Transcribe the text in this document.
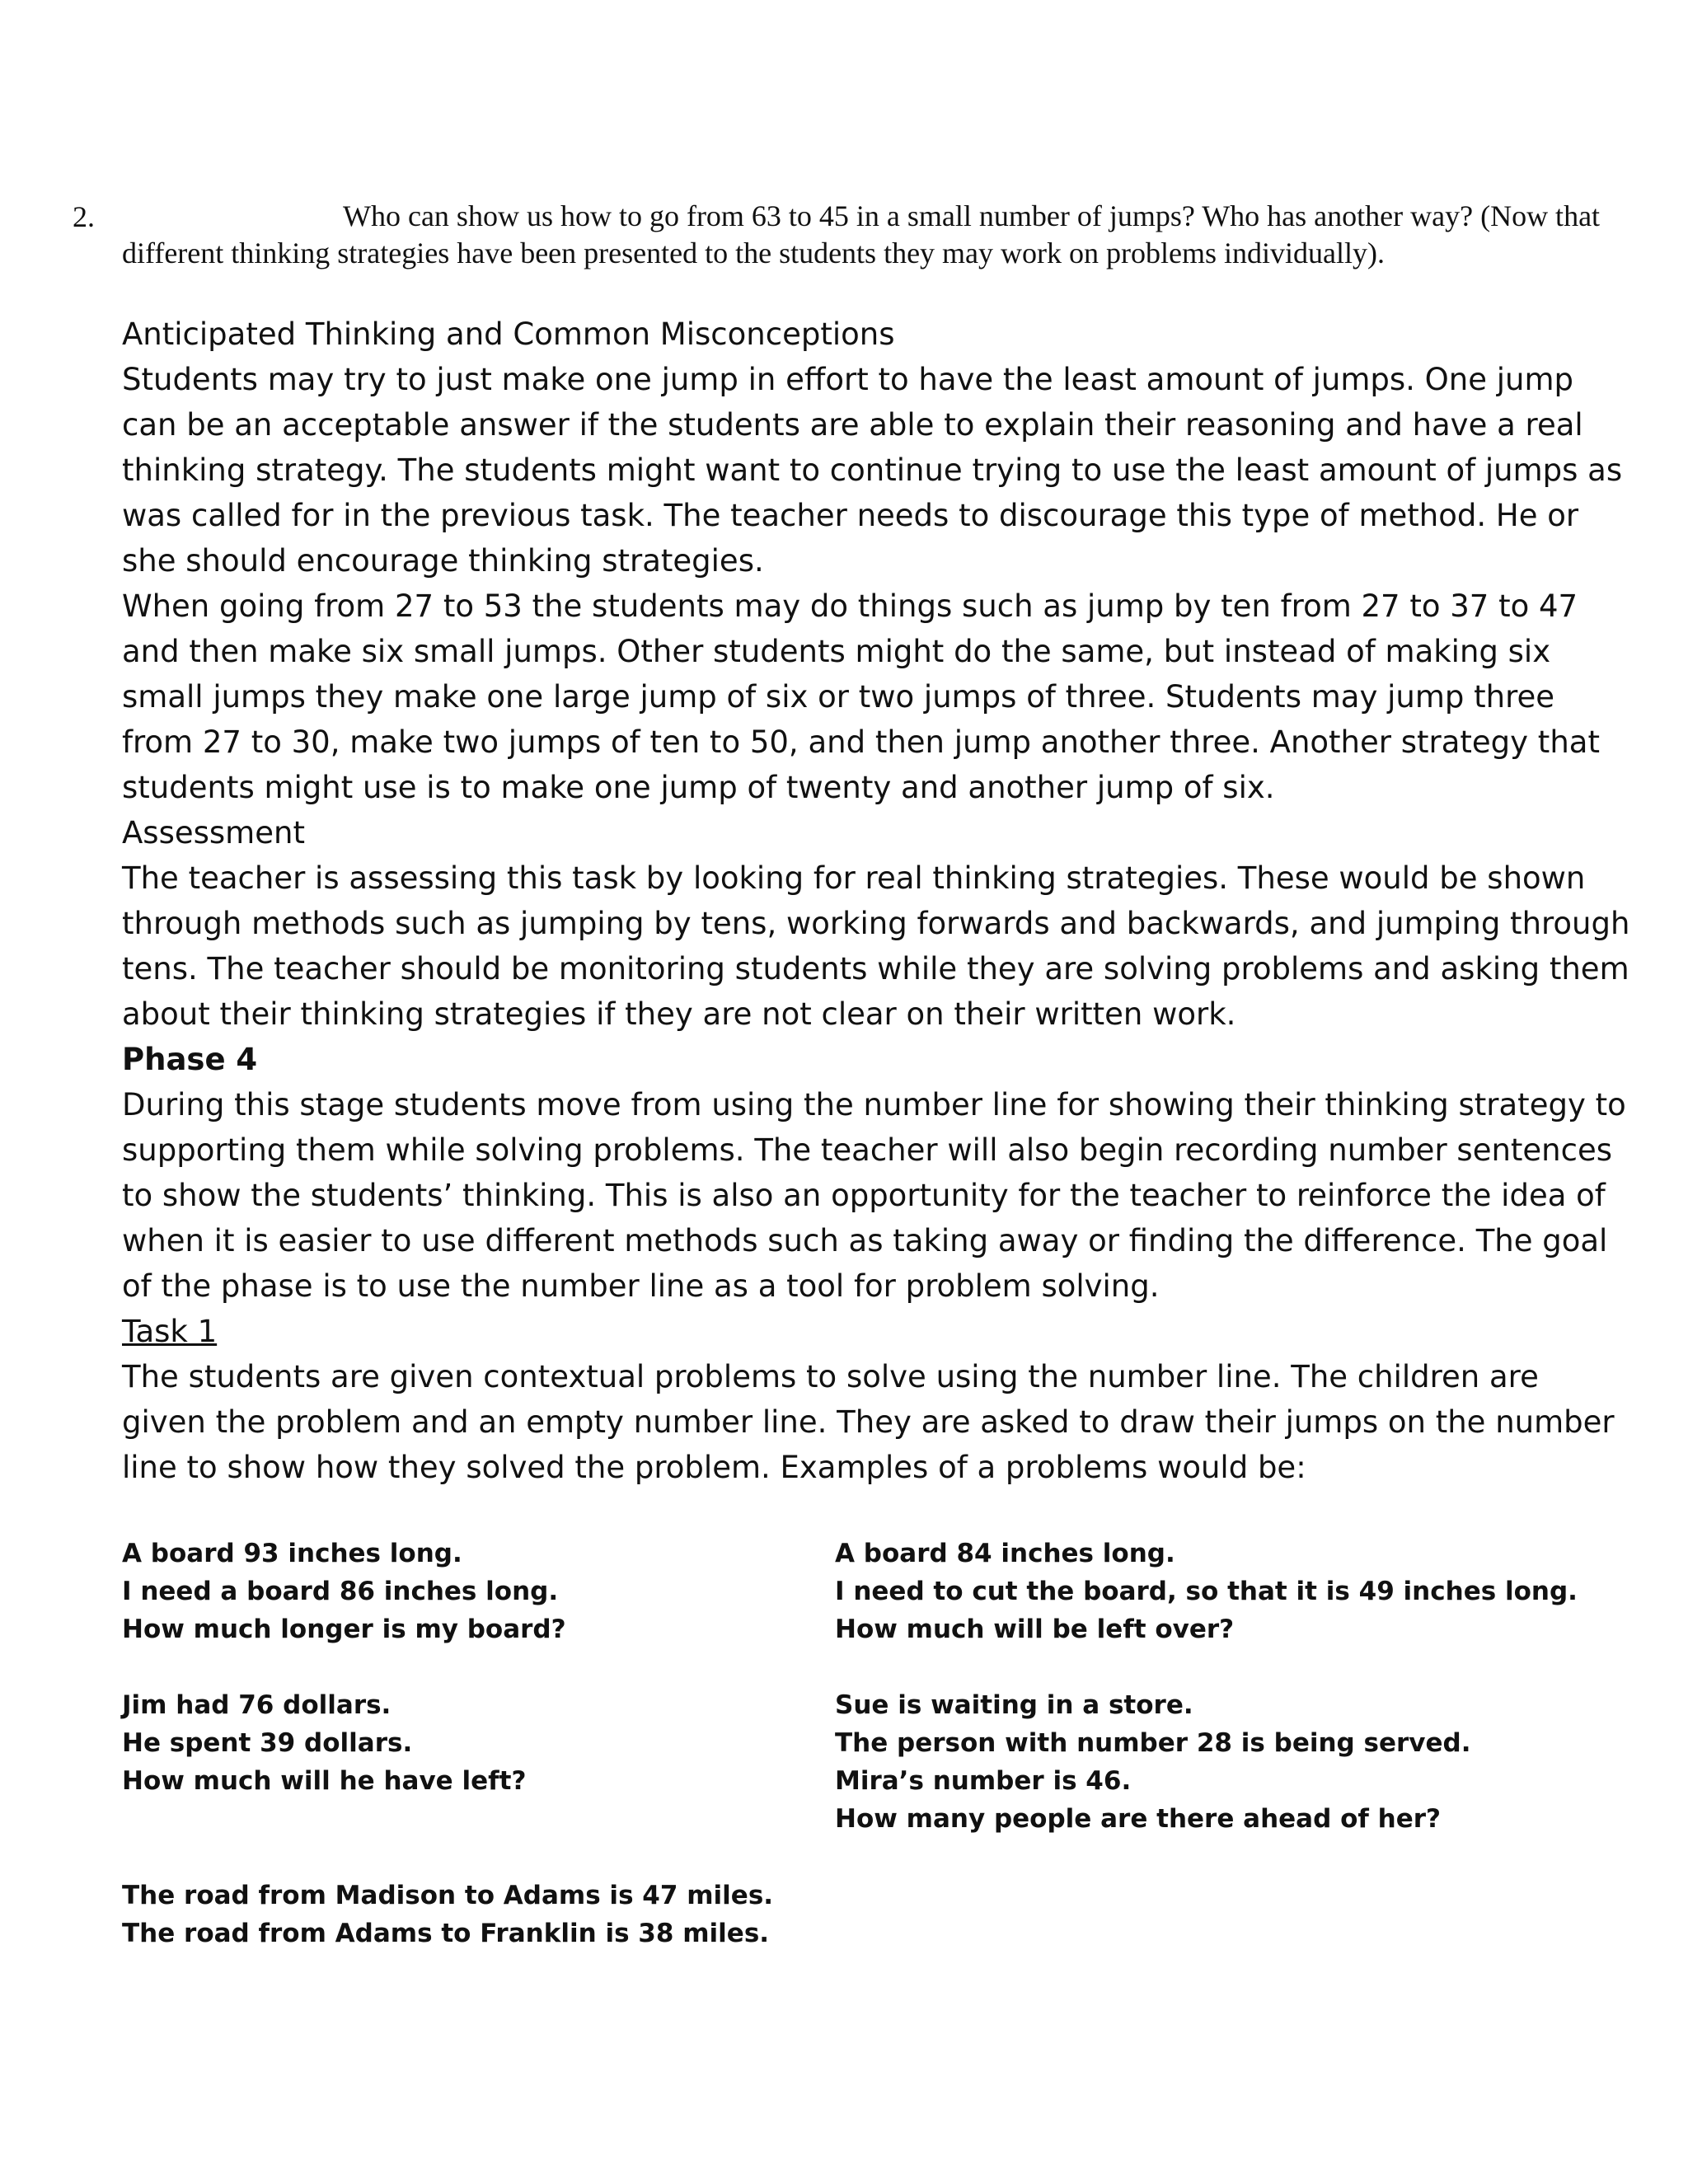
2.	Who can show us how to go from 63 to 45 in a small number of jumps? Who has another way? (Now that different thinking strategies have been presented to the students they may work on problems individually).

Anticipated Thinking and Common Misconceptions

Students may try to just make one jump in effort to have the least amount of jumps. One jump can be an acceptable answer if the students are able to explain their reasoning and have a real thinking strategy. The students might want to continue trying to use the least amount of jumps as was called for in the previous task. The teacher needs to discourage this type of method. He or she should encourage thinking strategies.

When going from 27 to 53 the students may do things such as jump by ten from 27 to 37 to 47 and then make six small jumps. Other students might do the same, but instead of making six small jumps they make one large jump of six or two jumps of three. Students may jump three from 27 to 30, make two jumps of ten to 50, and then jump another three. Another strategy that students might use is to make one jump of twenty and another jump of six.

Assessment

The teacher is assessing this task by looking for real thinking strategies. These would be shown through methods such as jumping by tens, working forwards and backwards, and jumping through tens. The teacher should be monitoring students while they are solving problems and asking them about their thinking strategies if they are not clear on their written work.

Phase 4

During this stage students move from using the number line for showing their thinking strategy to supporting them while solving problems. The teacher will also begin recording number sentences to show the students’ thinking. This is also an opportunity for the teacher to reinforce the idea of when it is easier to use different methods such as taking away or finding the difference. The goal of the phase is to use the number line as a tool for problem solving.

Task 1

The students are given contextual problems to solve using the number line. The children are given the problem and an empty number line. They are asked to draw their jumps on the number line to show how they solved the problem. Examples of a problems would be:

A board 93 inches long.
I need a board 86 inches long.
How much longer is my board?
A board 84 inches long.
I need to cut the board, so that it is 49 inches long.
How much will be left over?
Jim had 76 dollars.
He spent 39 dollars.
How much will he have left?
Sue is waiting in a store.
The person with number 28 is being served.
Mira’s number is 46.
How many people are there ahead of her?
The road from Madison to Adams is 47 miles.
The road from Adams to Franklin is 38 miles.
